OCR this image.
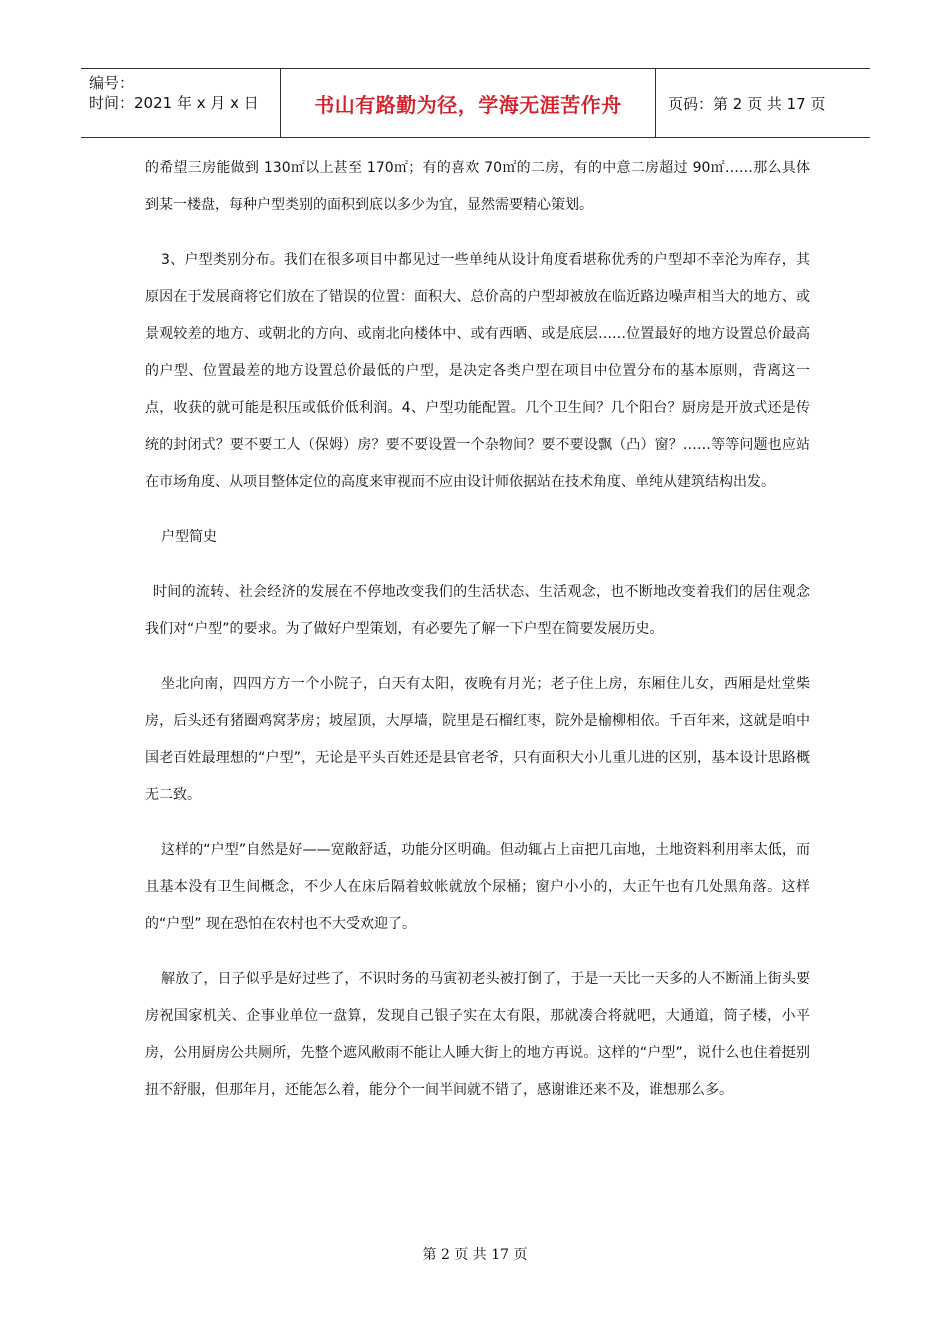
编号：
时间：2021 年 x 月 x 日	书山有路勤为径，学海无涯苦作舟	页码：第 2 页 共 17 页

的希望三房能做到 130㎡以上甚至 170㎡；有的喜欢 70㎡的二房，有的中意二房超过 90㎡……那么具体到某一楼盘，每种户型类别的面积到底以多少为宜，显然需要精心策划。

3、户型类别分布。我们在很多项目中都见过一些单纯从设计角度看堪称优秀的户型却不幸沦为库存，其原因在于发展商将它们放在了错误的位置：面积大、总价高的户型却被放在临近路边噪声相当大的地方、或景观较差的地方、或朝北的方向、或南北向楼体中、或有西晒、或是底层……位置最好的地方设置总价最高的户型、位置最差的地方设置总价最低的户型，是决定各类户型在项目中位置分布的基本原则，背离这一点，收获的就可能是积压或低价低利润。4、户型功能配置。几个卫生间？几个阳台？厨房是开放式还是传统的封闭式？要不要工人（保姆）房？要不要设置一个杂物间？要不要设飘（凸）窗？……等等问题也应站在市场角度、从项目整体定位的高度来审视而不应由设计师依据站在技术角度、单纯从建筑结构出发。

户型简史

时间的流转、社会经济的发展在不停地改变我们的生活状态、生活观念，也不断地改变着我们的居住观念我们对“户型”的要求。为了做好户型策划，有必要先了解一下户型在简要发展历史。

坐北向南，四四方方一个小院子，白天有太阳，夜晚有月光；老子住上房，东厢住儿女，西厢是灶堂柴房，后头还有猪圈鸡窝茅房；坡屋顶，大厚墙，院里是石榴红枣，院外是榆柳相依。千百年来，这就是咱中国老百姓最理想的“户型”，无论是平头百姓还是县官老爷，只有面积大小儿重儿进的区别，基本设计思路概无二致。

这样的“户型”自然是好——宽敞舒适，功能分区明确。但动辄占上亩把几亩地，土地资料利用率太低，而且基本没有卫生间概念，不少人在床后隔着蚊帐就放个尿桶；窗户小小的，大正午也有几处黑角落。这样的“户型” 现在恐怕在农村也不大受欢迎了。

解放了，日子似乎是好过些了，不识时务的马寅初老头被打倒了，于是一天比一天多的人不断涌上街头要房祝国家机关、企事业单位一盘算，发现自己银子实在太有限，那就凑合将就吧，大通道，筒子楼，小平房，公用厨房公共厕所，先整个遮风敝雨不能让人睡大街上的地方再说。这样的“户型”，说什么也住着挺别扭不舒服，但那年月，还能怎么着，能分个一间半间就不错了，感谢谁还来不及，谁想那么多。

第 2 页 共 17 页
